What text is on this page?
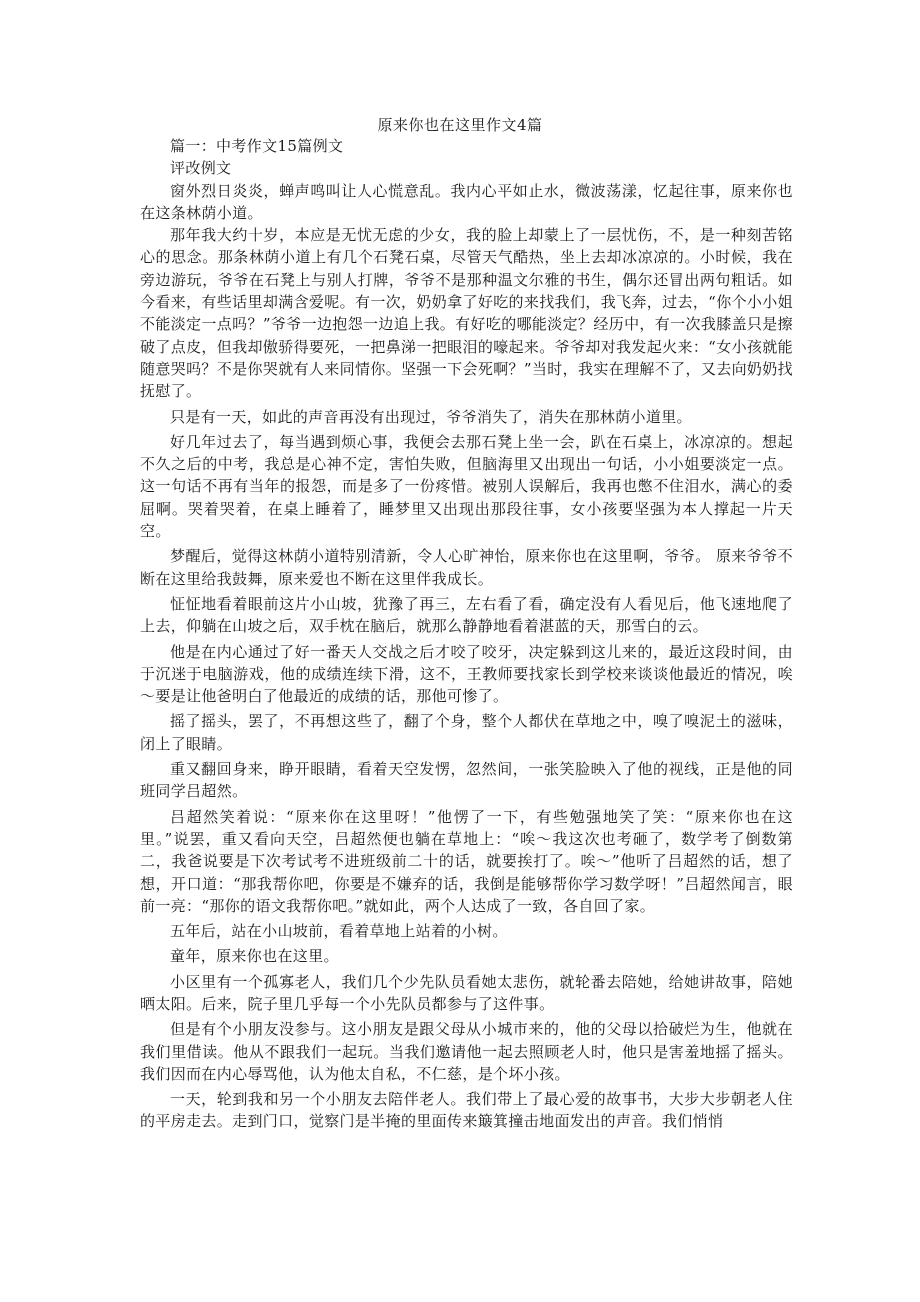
原来你也在这里作文4篇

篇一：中考作文15篇例文

评改例文

窗外烈日炎炎，蝉声鸣叫让人心慌意乱。我内心平如止水，微波荡漾，忆起往事，原来你也在这条林荫小道。

那年我大约十岁，本应是无忧无虑的少女，我的脸上却蒙上了一层忧伤，不，是一种刻苦铭心的思念。那条林荫小道上有几个石凳石桌，尽管天气酷热，坐上去却冰凉凉的。小时候，我在旁边游玩，爷爷在石凳上与别人打牌，爷爷不是那种温文尔雅的书生，偶尔还冒出两句粗话。如今看来，有些话里却满含爱呢。有一次，奶奶拿了好吃的来找我们，我飞奔，过去，“你个小小姐不能淡定一点吗？”爷爷一边抱怨一边追上我。有好吃的哪能淡定？经历中，有一次我膝盖只是擦破了点皮，但我却傲骄得要死，一把鼻涕一把眼泪的嚎起来。爷爷却对我发起火来：“女小孩就能随意哭吗？不是你哭就有人来同情你。坚强一下会死啊？”当时，我实在理解不了，又去向奶奶找抚慰了。

只是有一天，如此的声音再没有出现过，爷爷消失了，消失在那林荫小道里。

好几年过去了，每当遇到烦心事，我便会去那石凳上坐一会，趴在石桌上，冰凉凉的。想起不久之后的中考，我总是心神不定，害怕失败，但脑海里又出现出一句话，小小姐要淡定一点。这一句话不再有当年的报怨，而是多了一份疼惜。被别人误解后，我再也憋不住泪水，满心的委屈啊。哭着哭着，在桌上睡着了，睡梦里又出现出那段往事，女小孩要坚强为本人撑起一片天空。

梦醒后，觉得这林荫小道特别清新，令人心旷神怡，原来你也在这里啊，爷爷。 原来爷爷不断在这里给我鼓舞，原来爱也不断在这里伴我成长。

怔怔地看着眼前这片小山坡，犹豫了再三，左右看了看，确定没有人看见后，他飞速地爬了上去，仰躺在山坡之后，双手枕在脑后，就那么静静地看着湛蓝的天，那雪白的云。

他是在内心通过了好一番天人交战之后才咬了咬牙，决定躲到这儿来的，最近这段时间，由于沉迷于电脑游戏，他的成绩连续下滑，这不，王教师要找家长到学校来谈谈他最近的情况，唉～要是让他爸明白了他最近的成绩的话，那他可惨了。

摇了摇头，罢了，不再想这些了，翻了个身，整个人都伏在草地之中，嗅了嗅泥土的滋味，闭上了眼睛。

重又翻回身来，睁开眼睛，看着天空发愣，忽然间，一张笑脸映入了他的视线，正是他的同班同学吕超然。

吕超然笑着说：“原来你在这里呀！”他愣了一下，有些勉强地笑了笑：“原来你也在这里。”说罢，重又看向天空，吕超然便也躺在草地上：“唉～我这次也考砸了，数学考了倒数第二，我爸说要是下次考试考不进班级前二十的话，就要挨打了。唉～”他听了吕超然的话，想了想，开口道：“那我帮你吧，你要是不嫌弃的话，我倒是能够帮你学习数学呀！”吕超然闻言，眼前一亮：“那你的语文我帮你吧。”就如此，两个人达成了一致，各自回了家。

五年后，站在小山坡前，看着草地上站着的小树。

童年，原来你也在这里。

小区里有一个孤寡老人，我们几个少先队员看她太悲伤，就轮番去陪她，给她讲故事，陪她晒太阳。后来，院子里几乎每一个小先队员都参与了这件事。

但是有个小朋友没参与。这小朋友是跟父母从小城市来的，他的父母以拾破烂为生，他就在我们里借读。他从不跟我们一起玩。当我们邀请他一起去照顾老人时，他只是害羞地摇了摇头。我们因而在内心辱骂他，认为他太自私，不仁慈，是个坏小孩。

一天，轮到我和另一个小朋友去陪伴老人。我们带上了最心爱的故事书，大步大步朝老人住的平房走去。走到门口，觉察门是半掩的里面传来簸箕撞击地面发出的声音。我们悄悄
